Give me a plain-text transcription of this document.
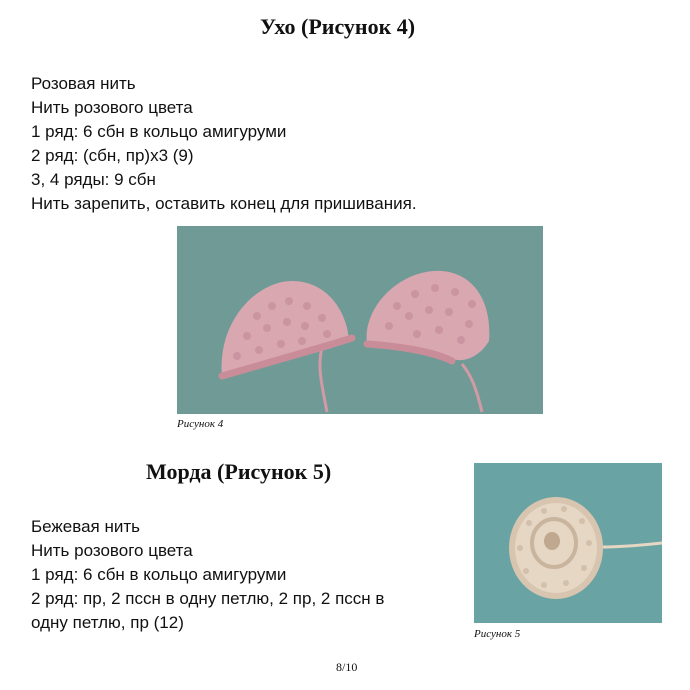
Ухо (Рисунок 4)
Розовая нить
Нить розового цвета
1 ряд: 6 сбн в кольцо амигуруми
2 ряд: (сбн, пр)х3 (9)
3, 4 ряды: 9 сбн
Нить зарепить, оставить конец для пришивания.
Рисунок 4
Морда (Рисунок 5)
Бежевая нить
Нить розового цвета
1 ряд: 6 сбн в кольцо амигуруми
2 ряд: пр, 2 пссн в одну петлю, 2 пр, 2 пссн в
одну петлю, пр (12)
Рисунок 5
8/10
